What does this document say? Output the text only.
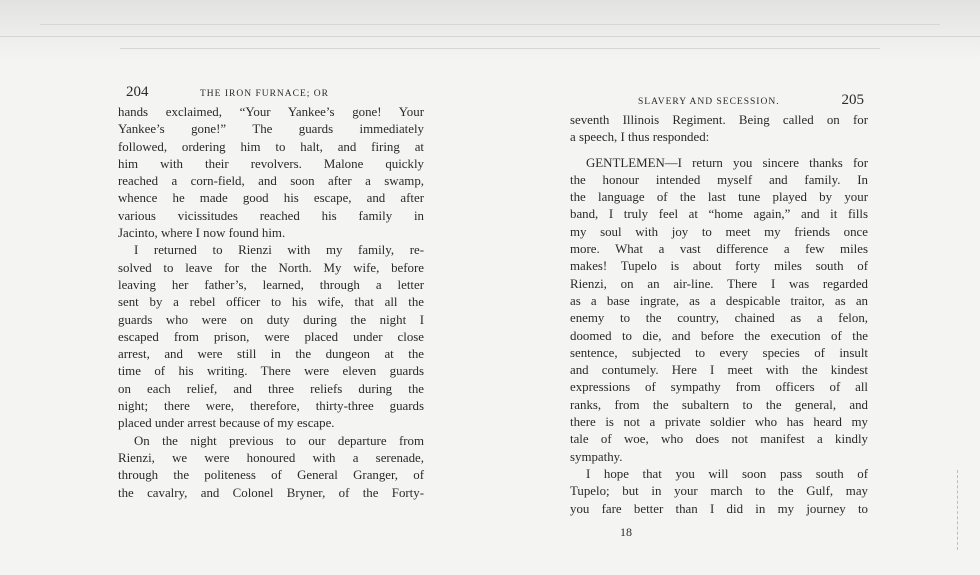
204	THE IRON FURNACE; OR
hands exclaimed, “Your Yankee’s gone! Your
Yankee’s gone!” The guards immediately
followed, ordering him to halt, and firing at
him with their revolvers. Malone quickly
reached a corn-field, and soon after a swamp,
whence he made good his escape, and after
various vicissitudes reached his family in
Jacinto, where I now found him.
I returned to Rienzi with my family, re-
solved to leave for the North. My wife, before
leaving her father’s, learned, through a letter
sent by a rebel officer to his wife, that all the
guards who were on duty during the night I
escaped from prison, were placed under close
arrest, and were still in the dungeon at the
time of his writing. There were eleven guards
on each relief, and three reliefs during the
night; there were, therefore, thirty-three guards
placed under arrest because of my escape.
On the night previous to our departure from
Rienzi, we were honoured with a serenade,
through the politeness of General Granger, of
the cavalry, and Colonel Bryner, of the Forty-
SLAVERY AND SECESSION.	205
seventh Illinois Regiment. Being called on for
a speech, I thus responded:
GENTLEMEN—I return you sincere thanks for
the honour intended myself and family. In
the language of the last tune played by your
band, I truly feel at “home again,” and it fills
my soul with joy to meet my friends once
more. What a vast difference a few miles
makes! Tupelo is about forty miles south of
Rienzi, on an air-line. There I was regarded
as a base ingrate, as a despicable traitor, as an
enemy to the country, chained as a felon,
doomed to die, and before the execution of the
sentence, subjected to every species of insult
and contumely. Here I meet with the kindest
expressions of sympathy from officers of all
ranks, from the subaltern to the general, and
there is not a private soldier who has heard my
tale of woe, who does not manifest a kindly
sympathy.
I hope that you will soon pass south of
Tupelo; but in your march to the Gulf, may
you fare better than I did in my journey to
18
